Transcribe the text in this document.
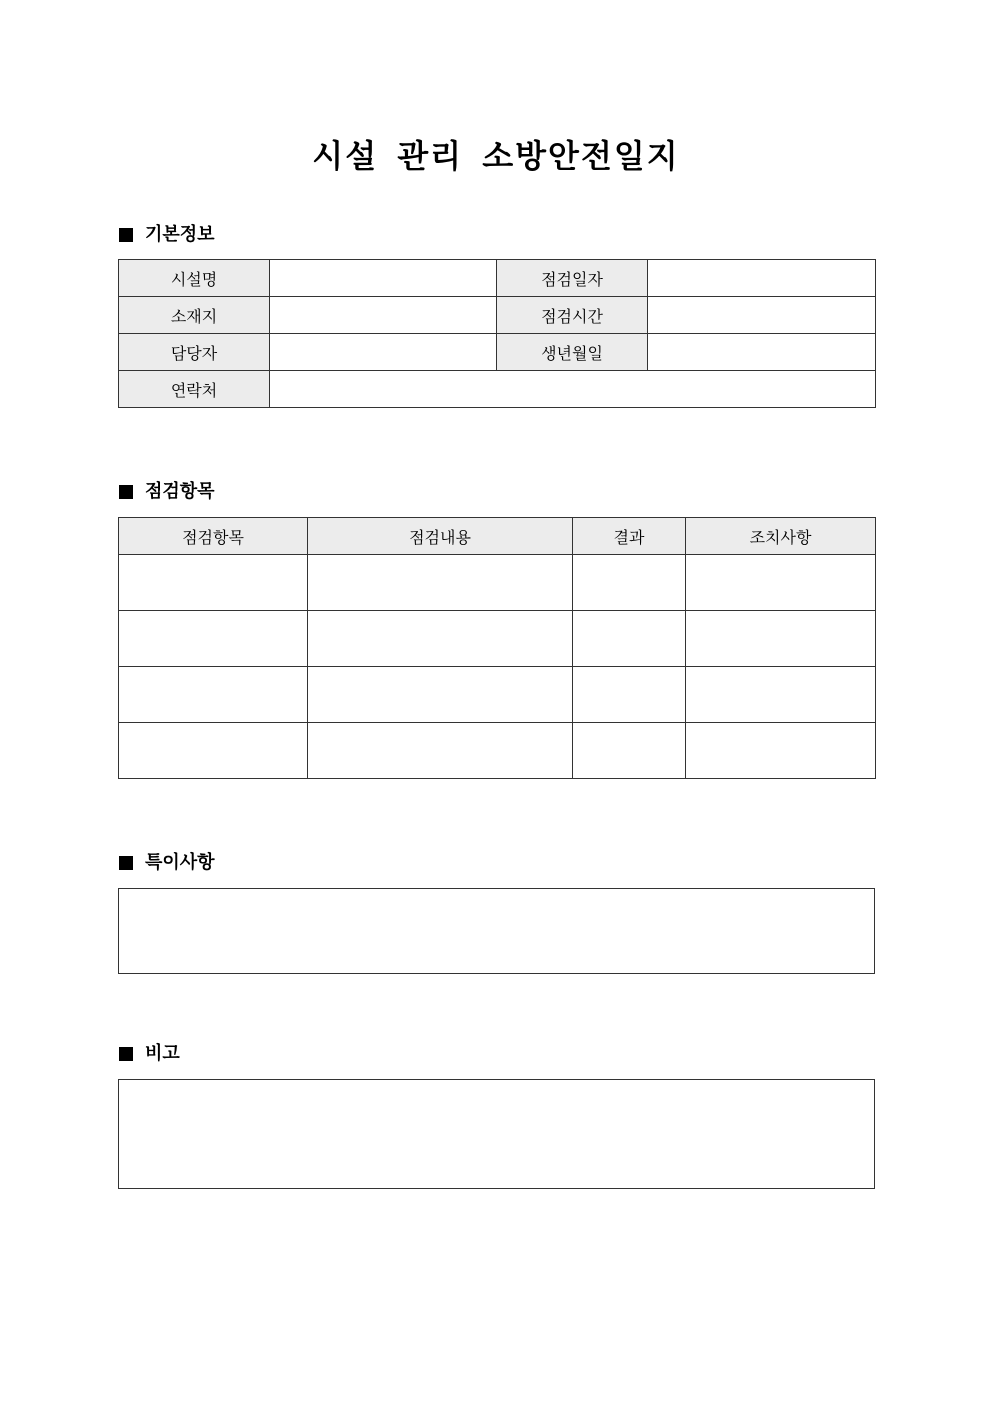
시설 관리 소방안전일지
기본정보
시설명		점검일자	
소재지		점검시간	
담당자		생년월일	
연락처			
점검항목
점검항목	점검내용	결과	조치사항

특이사항
비고
